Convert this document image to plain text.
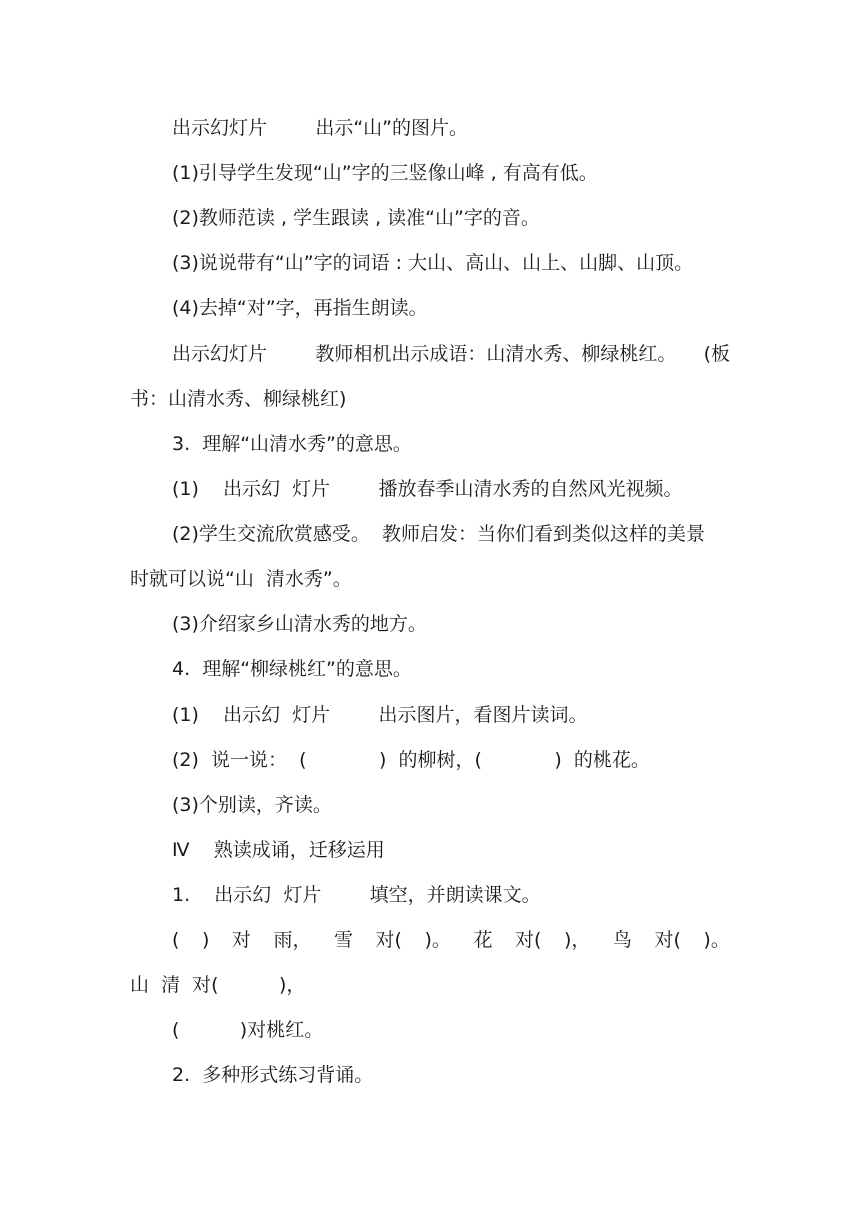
出示幻灯片        出示“山”的图片。
(1)引导学生发现“山”字的三竖像山峰 , 有高有低。
(2)教师范读 , 学生跟读 , 读准“山”字的音。
(3)说说带有“山”字的词语 : 大山、高山、山上、山脚、山顶。
(4)去掉“对”字，再指生朗读。
出示幻灯片        教师相机出示成语：山清水秀、柳绿桃红。 (板
书：山清水秀、柳绿桃红)
3.  理解“山清水秀”的意思。
(1)    出示幻  灯片        播放春季山清水秀的自然风光视频。
(2)学生交流欣赏感受。  教师启发：当你们看到类似这样的美景
时就可以说“山  清水秀”。
(3)介绍家乡山清水秀的地方。
4.  理解“柳绿桃红”的意思。
(1)    出示幻  灯片        出示图片，看图片读词。
(2)  说一说：  (            )  的柳树，(            )  的桃花。
(3)个别读，齐读。
Ⅳ    熟读成诵，迁移运用
1.    出示幻  灯片        填空，并朗读课文。
( ) 对 雨， 雪 对( )。 花 对( )， 鸟 对( )。
山  清  对(          )，
(          )对桃红。
2.  多种形式练习背诵。
